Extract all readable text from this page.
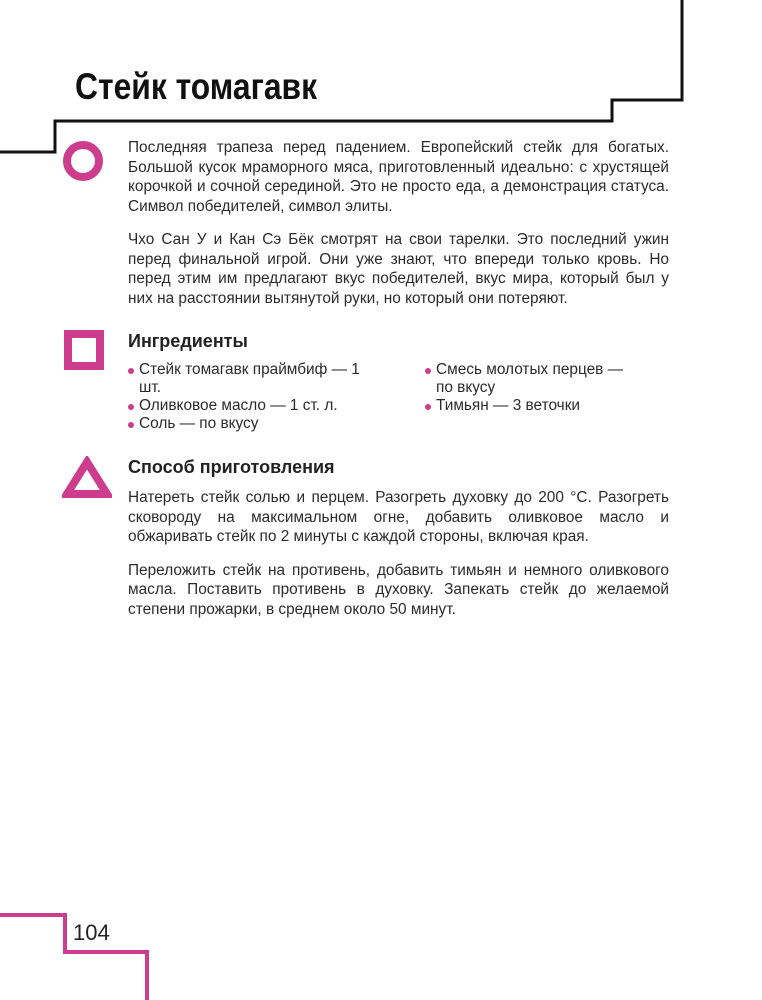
Стейк томагавк

Последняя трапеза перед падением. Европейский стейк для богатых. Большой кусок мраморного мяса, приготовленный идеально: с хрустящей корочкой и сочной серединой. Это не просто еда, а демонстрация статуса. Символ победителей, символ элиты.

Чхо Сан У и Кан Сэ Бёк смотрят на свои тарелки. Это последний ужин перед финальной игрой. Они уже знают, что впереди только кровь. Но перед этим им предлагают вкус победителей, вкус мира, который был у них на расстоянии вытянутой руки, но который они потеряют.

Ингредиенты
Стейк томагавк праймбиф — 1 шт.
Оливковое масло — 1 ст. л.
Соль — по вкусу
Смесь молотых перцев — по вкусу
Тимьян — 3 веточки
Способ приготовления

Натереть стейк солью и перцем. Разогреть духовку до 200 °С. Разогреть сковороду на максимальном огне, добавить оливковое масло и обжаривать стейк по 2 минуты с каждой стороны, включая края.

Переложить стейк на противень, добавить тимьян и немного оливкового масла. Поставить противень в духовку. Запекать стейк до желаемой степени прожарки, в среднем около 50 минут.

104
